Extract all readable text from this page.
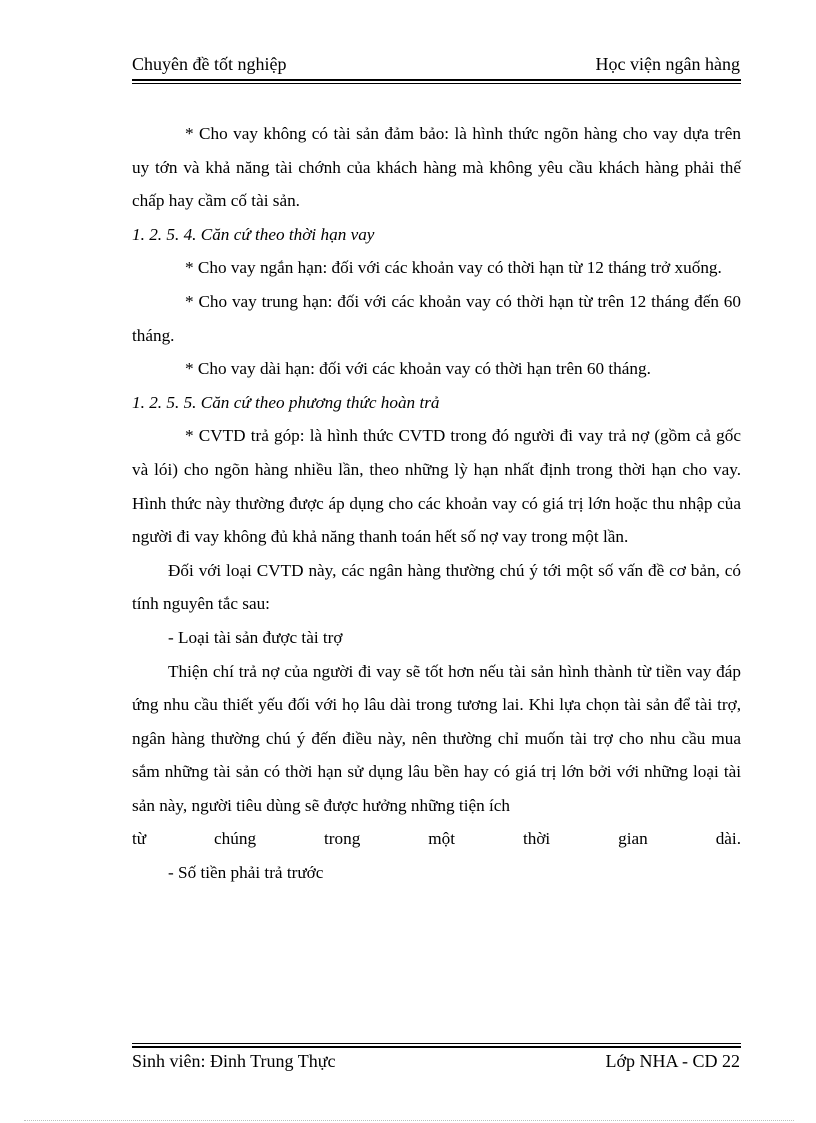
Chuyên đề tốt nghiệp	Học viện ngân hàng

* Cho vay không có tài sản đảm bảo: là hình thức ngõn hàng cho vay dựa trên uy tớn và khả năng tài chớnh của khách hàng mà không yêu cầu khách hàng phải thế chấp hay cầm cố tài sản.

1. 2. 5. 4. Căn cứ theo thời hạn vay

* Cho vay ngắn hạn: đối với các khoản vay có thời hạn từ 12 tháng trở xuống.

* Cho vay trung hạn: đối với các khoản vay có thời hạn từ trên 12 tháng đến 60 tháng.

* Cho vay dài hạn: đối với các khoản vay có thời hạn trên 60 tháng.

1. 2. 5. 5. Căn cứ theo phương thức hoàn trả

* CVTD trả góp: là hình thức CVTD trong đó người đi vay trả nợ (gồm cả gốc và lói) cho ngõn hàng nhiều lần, theo những lỳ hạn nhất định trong thời hạn cho vay. Hình thức này thường được áp dụng cho các khoản vay có giá trị lớn hoặc thu nhập của người đi vay không đủ khả năng thanh toán hết số nợ vay trong một lần.

Đối với loại CVTD này, các ngân hàng thường chú ý tới một số vấn đề cơ bản, có tính nguyên tắc sau:

- Loại tài sản được tài trợ

Thiện chí trả nợ của người đi vay sẽ tốt hơn nếu tài sản hình thành từ tiền vay đáp ứng nhu cầu thiết yếu đối với họ lâu dài trong tương lai. Khi lựa chọn tài sản để tài trợ, ngân hàng thường chú ý đến điều này, nên thường chỉ muốn tài trợ cho nhu cầu mua sắm những tài sản có thời hạn sử dụng lâu bền hay có giá trị lớn bởi với những loại tài sản này, người tiêu dùng sẽ được hưởng những tiện ích

từ chúng trong một thời gian dài.

- Số tiền phải trả trước

Sinh viên: Đinh Trung Thực	Lớp NHA - CD 22
